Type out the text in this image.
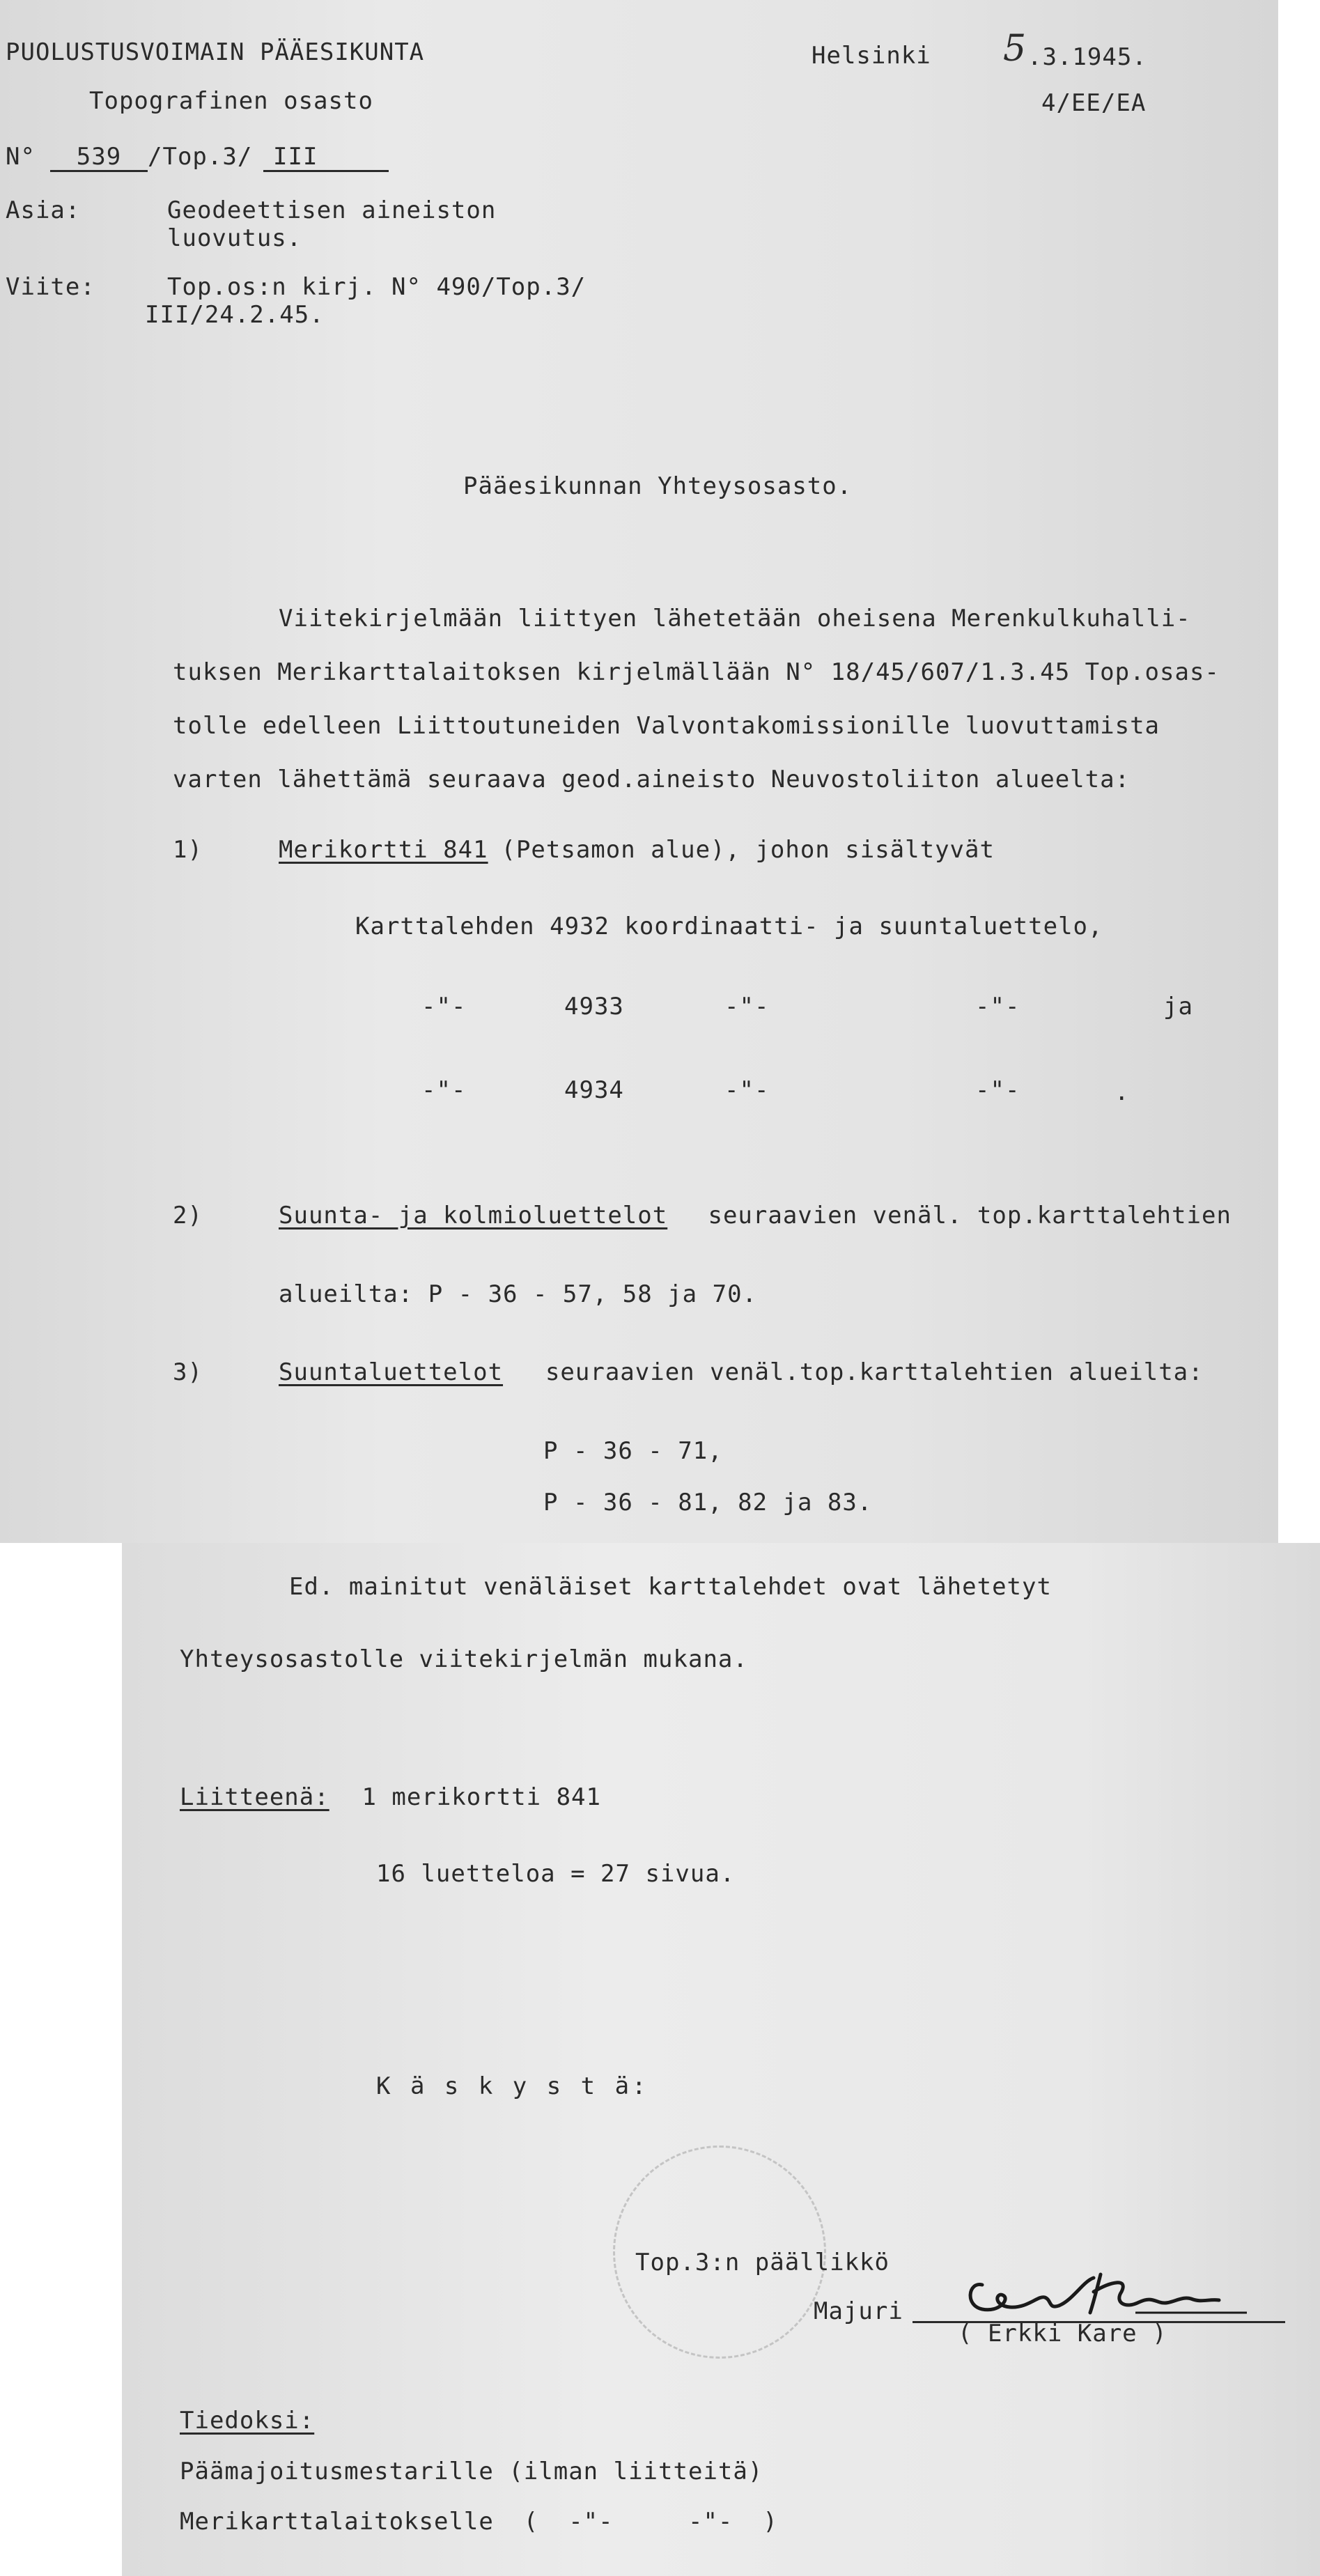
PUOLUSTUSVOIMAIN PÄÄESIKUNTA
Topografinen osasto
N°	539	/Top.3/ III
Helsinki 5 .3.1945.
4/EE/EA
Asia:	Geodeettisen aineiston
luovutus.
Viite:	Top.os:n kirj. N° 490/Top.3/
III/24.2.45.
Pääesikunnan Yhteysosasto.
Viitekirjelmään liittyen lähetetään oheisena Merenkulkuhalli-
tuksen Merikarttalaitoksen kirjelmällään N° 18/45/607/1.3.45 Top.osas-
tolle edelleen Liittoutuneiden Valvontakomissionille luovuttamista
varten lähettämä seuraava geod.aineisto Neuvostoliiton alueelta:
1)	Merikortti 841
(Petsamon alue), johon sisältyvät
Karttalehden 4932 koordinaatti- ja suuntaluettelo,
-"-	4933	-"-	-"-	ja
-"-	4934	-"-	-"-	.
2)	Suunta- ja kolmioluettelot seuraavien venäl. top.karttalehtien
alueilta: P - 36 - 57, 58 ja 70.
3)	Suuntaluettelot seuraavien venäl.top.karttalehtien alueilta:
P - 36 - 71,
P - 36 - 81, 82 ja 83.
Ed. mainitut venäläiset karttalehdet ovat lähetetyt
Yhteysosastolle viitekirjelmän mukana.
Liitteenä: 1 merikortti 841
16 luetteloa = 27 sivua.
K ä s k y s t ä:
Top.3:n päällikkö
Majuri
( Erkki Kare )
Tiedoksi:
Päämajoitusmestarille (ilman liitteitä)
Merikarttalaitokselle  (  -"-     -"-  )
